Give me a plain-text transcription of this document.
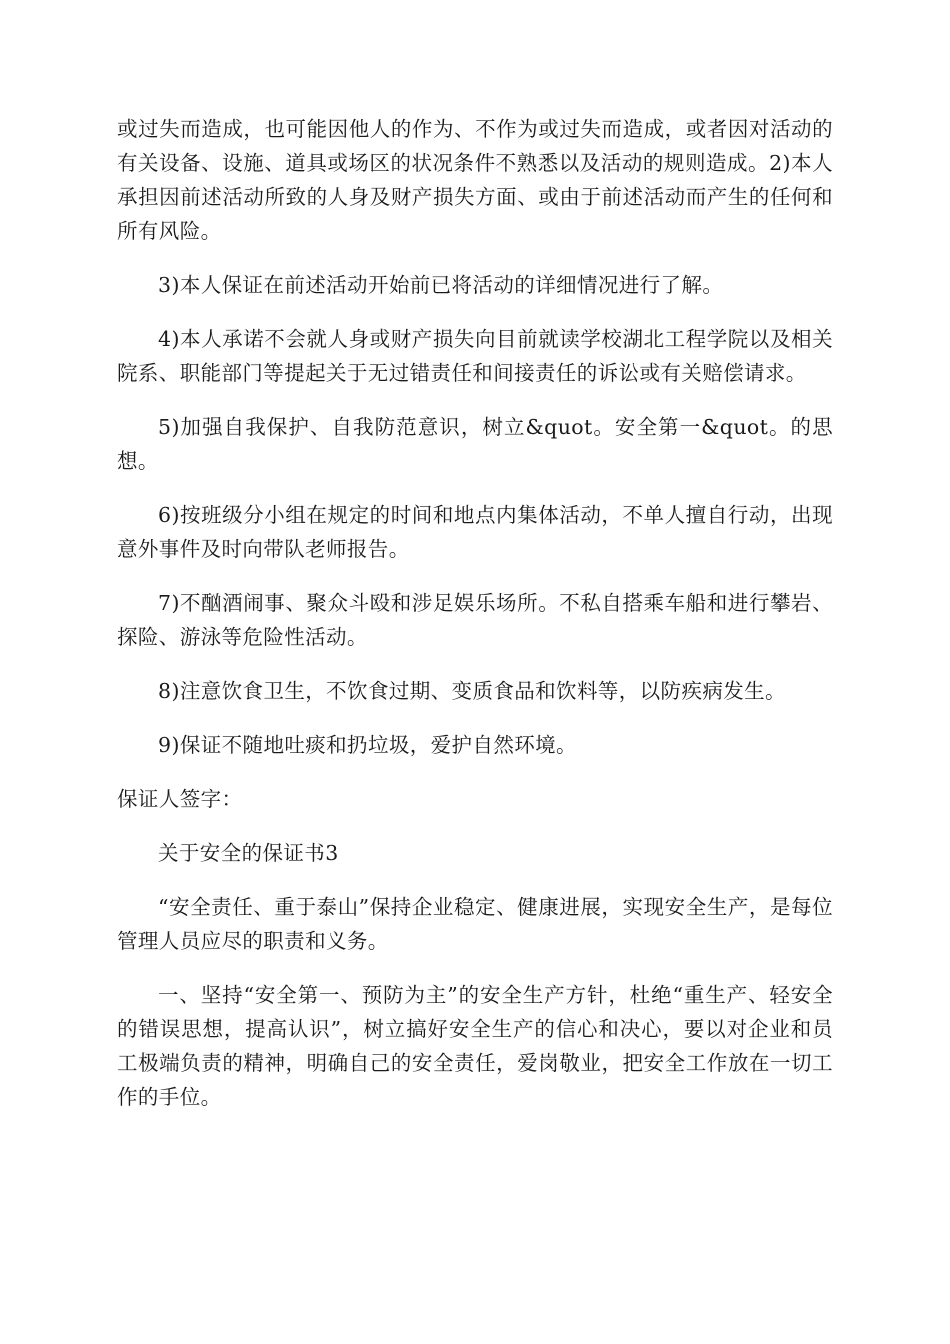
或过失而造成，也可能因他人的作为、不作为或过失而造成，或者因对活动的有关设备、设施、道具或场区的状况条件不熟悉以及活动的规则造成。2)本人承担因前述活动所致的人身及财产损失方面、或由于前述活动而产生的任何和所有风险。

3)本人保证在前述活动开始前已将活动的详细情况进行了解。

4)本人承诺不会就人身或财产损失向目前就读学校湖北工程学院以及相关院系、职能部门等提起关于无过错责任和间接责任的诉讼或有关赔偿请求。

5)加强自我保护、自我防范意识，树立&quot。安全第一&quot。的思想。

6)按班级分小组在规定的时间和地点内集体活动，不单人擅自行动，出现意外事件及时向带队老师报告。

7)不酗酒闹事、聚众斗殴和涉足娱乐场所。不私自搭乘车船和进行攀岩、探险、游泳等危险性活动。

8)注意饮食卫生，不饮食过期、变质食品和饮料等，以防疾病发生。

9)保证不随地吐痰和扔垃圾，爱护自然环境。

保证人签字：

关于安全的保证书3

“安全责任、重于泰山”保持企业稳定、健康进展，实现安全生产，是每位管理人员应尽的职责和义务。

一、坚持“安全第一、预防为主”的安全生产方针，杜绝“重生产、轻安全的错误思想，提高认识”，树立搞好安全生产的信心和决心，要以对企业和员工极端负责的精神，明确自己的安全责任，爱岗敬业，把安全工作放在一切工作的手位。
